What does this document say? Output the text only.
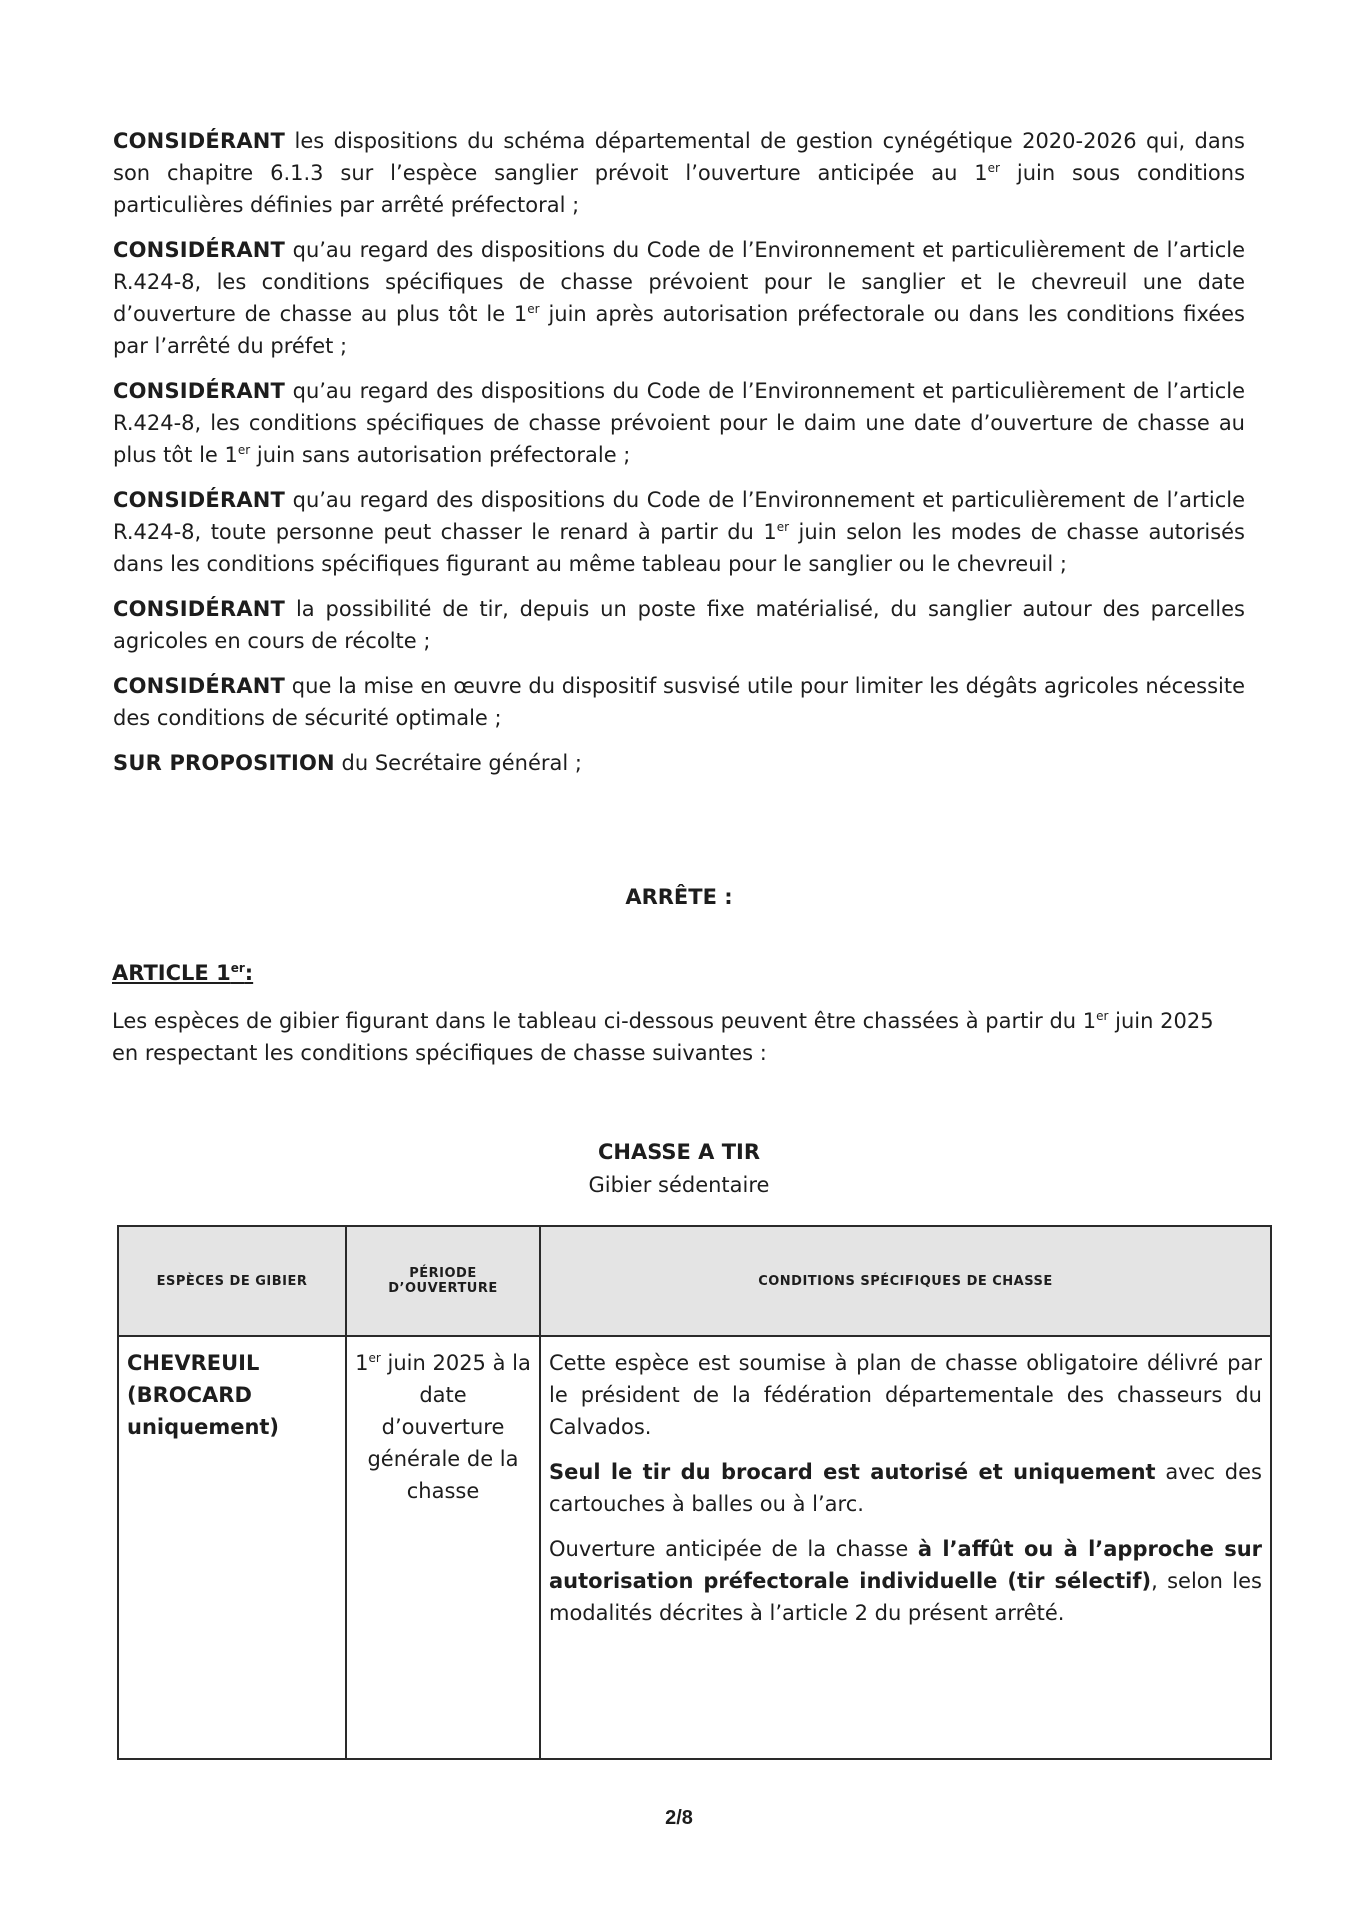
CONSIDÉRANT les dispositions du schéma départemental de gestion cynégétique 2020-2026 qui, dans son chapitre 6.1.3 sur l’espèce sanglier prévoit l’ouverture anticipée au 1er juin sous conditions particulières définies par arrêté préfectoral ;

CONSIDÉRANT qu’au regard des dispositions du Code de l’Environnement et particulièrement de l’article R.424-8, les conditions spécifiques de chasse prévoient pour le sanglier et le chevreuil une date d’ouverture de chasse au plus tôt le 1er juin après autorisation préfectorale ou dans les conditions fixées par l’arrêté du préfet ;

CONSIDÉRANT qu’au regard des dispositions du Code de l’Environnement et particulièrement de l’article R.424-8, les conditions spécifiques de chasse prévoient pour le daim une date d’ouverture de chasse au plus tôt le 1er juin sans autorisation préfectorale ;

CONSIDÉRANT qu’au regard des dispositions du Code de l’Environnement et particulièrement de l’article R.424-8, toute personne peut chasser le renard à partir du 1er juin selon les modes de chasse autorisés dans les conditions spécifiques figurant au même tableau pour le sanglier ou le chevreuil ;

CONSIDÉRANT la possibilité de tir, depuis un poste fixe matérialisé, du sanglier autour des parcelles agricoles en cours de récolte ;

CONSIDÉRANT que la mise en œuvre du dispositif susvisé utile pour limiter les dégâts agricoles nécessite des conditions de sécurité optimale ;

SUR PROPOSITION du Secrétaire général ;

ARRÊTE :
ARTICLE 1er:

Les espèces de gibier figurant dans le tableau ci-dessous peuvent être chassées à partir du 1er juin 2025 en respectant les conditions spécifiques de chasse suivantes :

CHASSE A TIR
Gibier sédentaire
ESPÈCES DE GIBIER	PÉRIODE D’OUVERTURE	CONDITIONS SPÉCIFIQUES DE CHASSE
CHEVREUIL (BROCARD uniquement)	1er juin 2025 à la date d’ouverture générale de la chasse	Cette espèce est soumise à plan de chasse obligatoire délivré par le président de la fédération départementale des chasseurs du Calvados.

Seul le tir du brocard est autorisé et uniquement avec des cartouches à balles ou à l’arc.

Ouverture anticipée de la chasse à l’affût ou à l’approche sur autorisation préfectorale individuelle (tir sélectif), selon les modalités décrites à l’article 2 du présent arrêté.

2/8
